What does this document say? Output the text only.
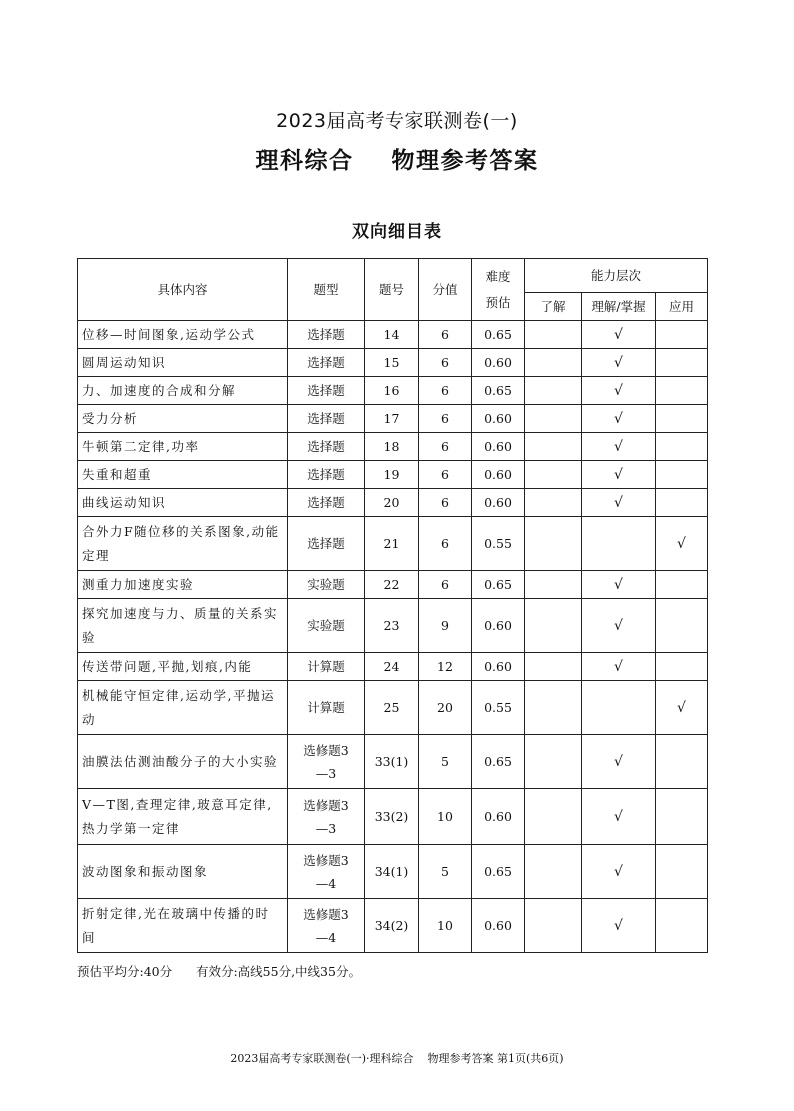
2023届高考专家联测卷(一)
理科综合    物理参考答案
双向细目表
具体内容	题型	题号	分值	难度预估	能力层次		
					了解	理解/掌握	应用
位移—时间图象,运动学公式	选择题	14	6	0.65		√	
圆周运动知识	选择题	15	6	0.60		√	
力、加速度的合成和分解	选择题	16	6	0.65		√	
受力分析	选择题	17	6	0.60		√	
牛顿第二定律,功率	选择题	18	6	0.60		√	
失重和超重	选择题	19	6	0.60		√	
曲线运动知识	选择题	20	6	0.60		√	
合外力F随位移的关系图象,动能定理	选择题	21	6	0.55			√
测重力加速度实验	实验题	22	6	0.65		√	
探究加速度与力、质量的关系实验	实验题	23	9	0.60		√	
传送带问题,平抛,划痕,内能	计算题	24	12	0.60		√	
机械能守恒定律,运动学,平抛运动	计算题	25	20	0.55			√
油膜法估测油酸分子的大小实验	选修题3—3	33(1)	5	0.65		√	
V—T图,查理定律,玻意耳定律,热力学第一定律	选修题3—3	33(2)	10	0.60		√	
波动图象和振动图象	选修题3—4	34(1)	5	0.65		√	
折射定律,光在玻璃中传播的时间	选修题3—4	34(2)	10	0.60		√	
预估平均分:40分      有效分:高线55分,中线35分。
2023届高考专家联测卷(一)·理科综合    物理参考答案 第1页(共6页)
